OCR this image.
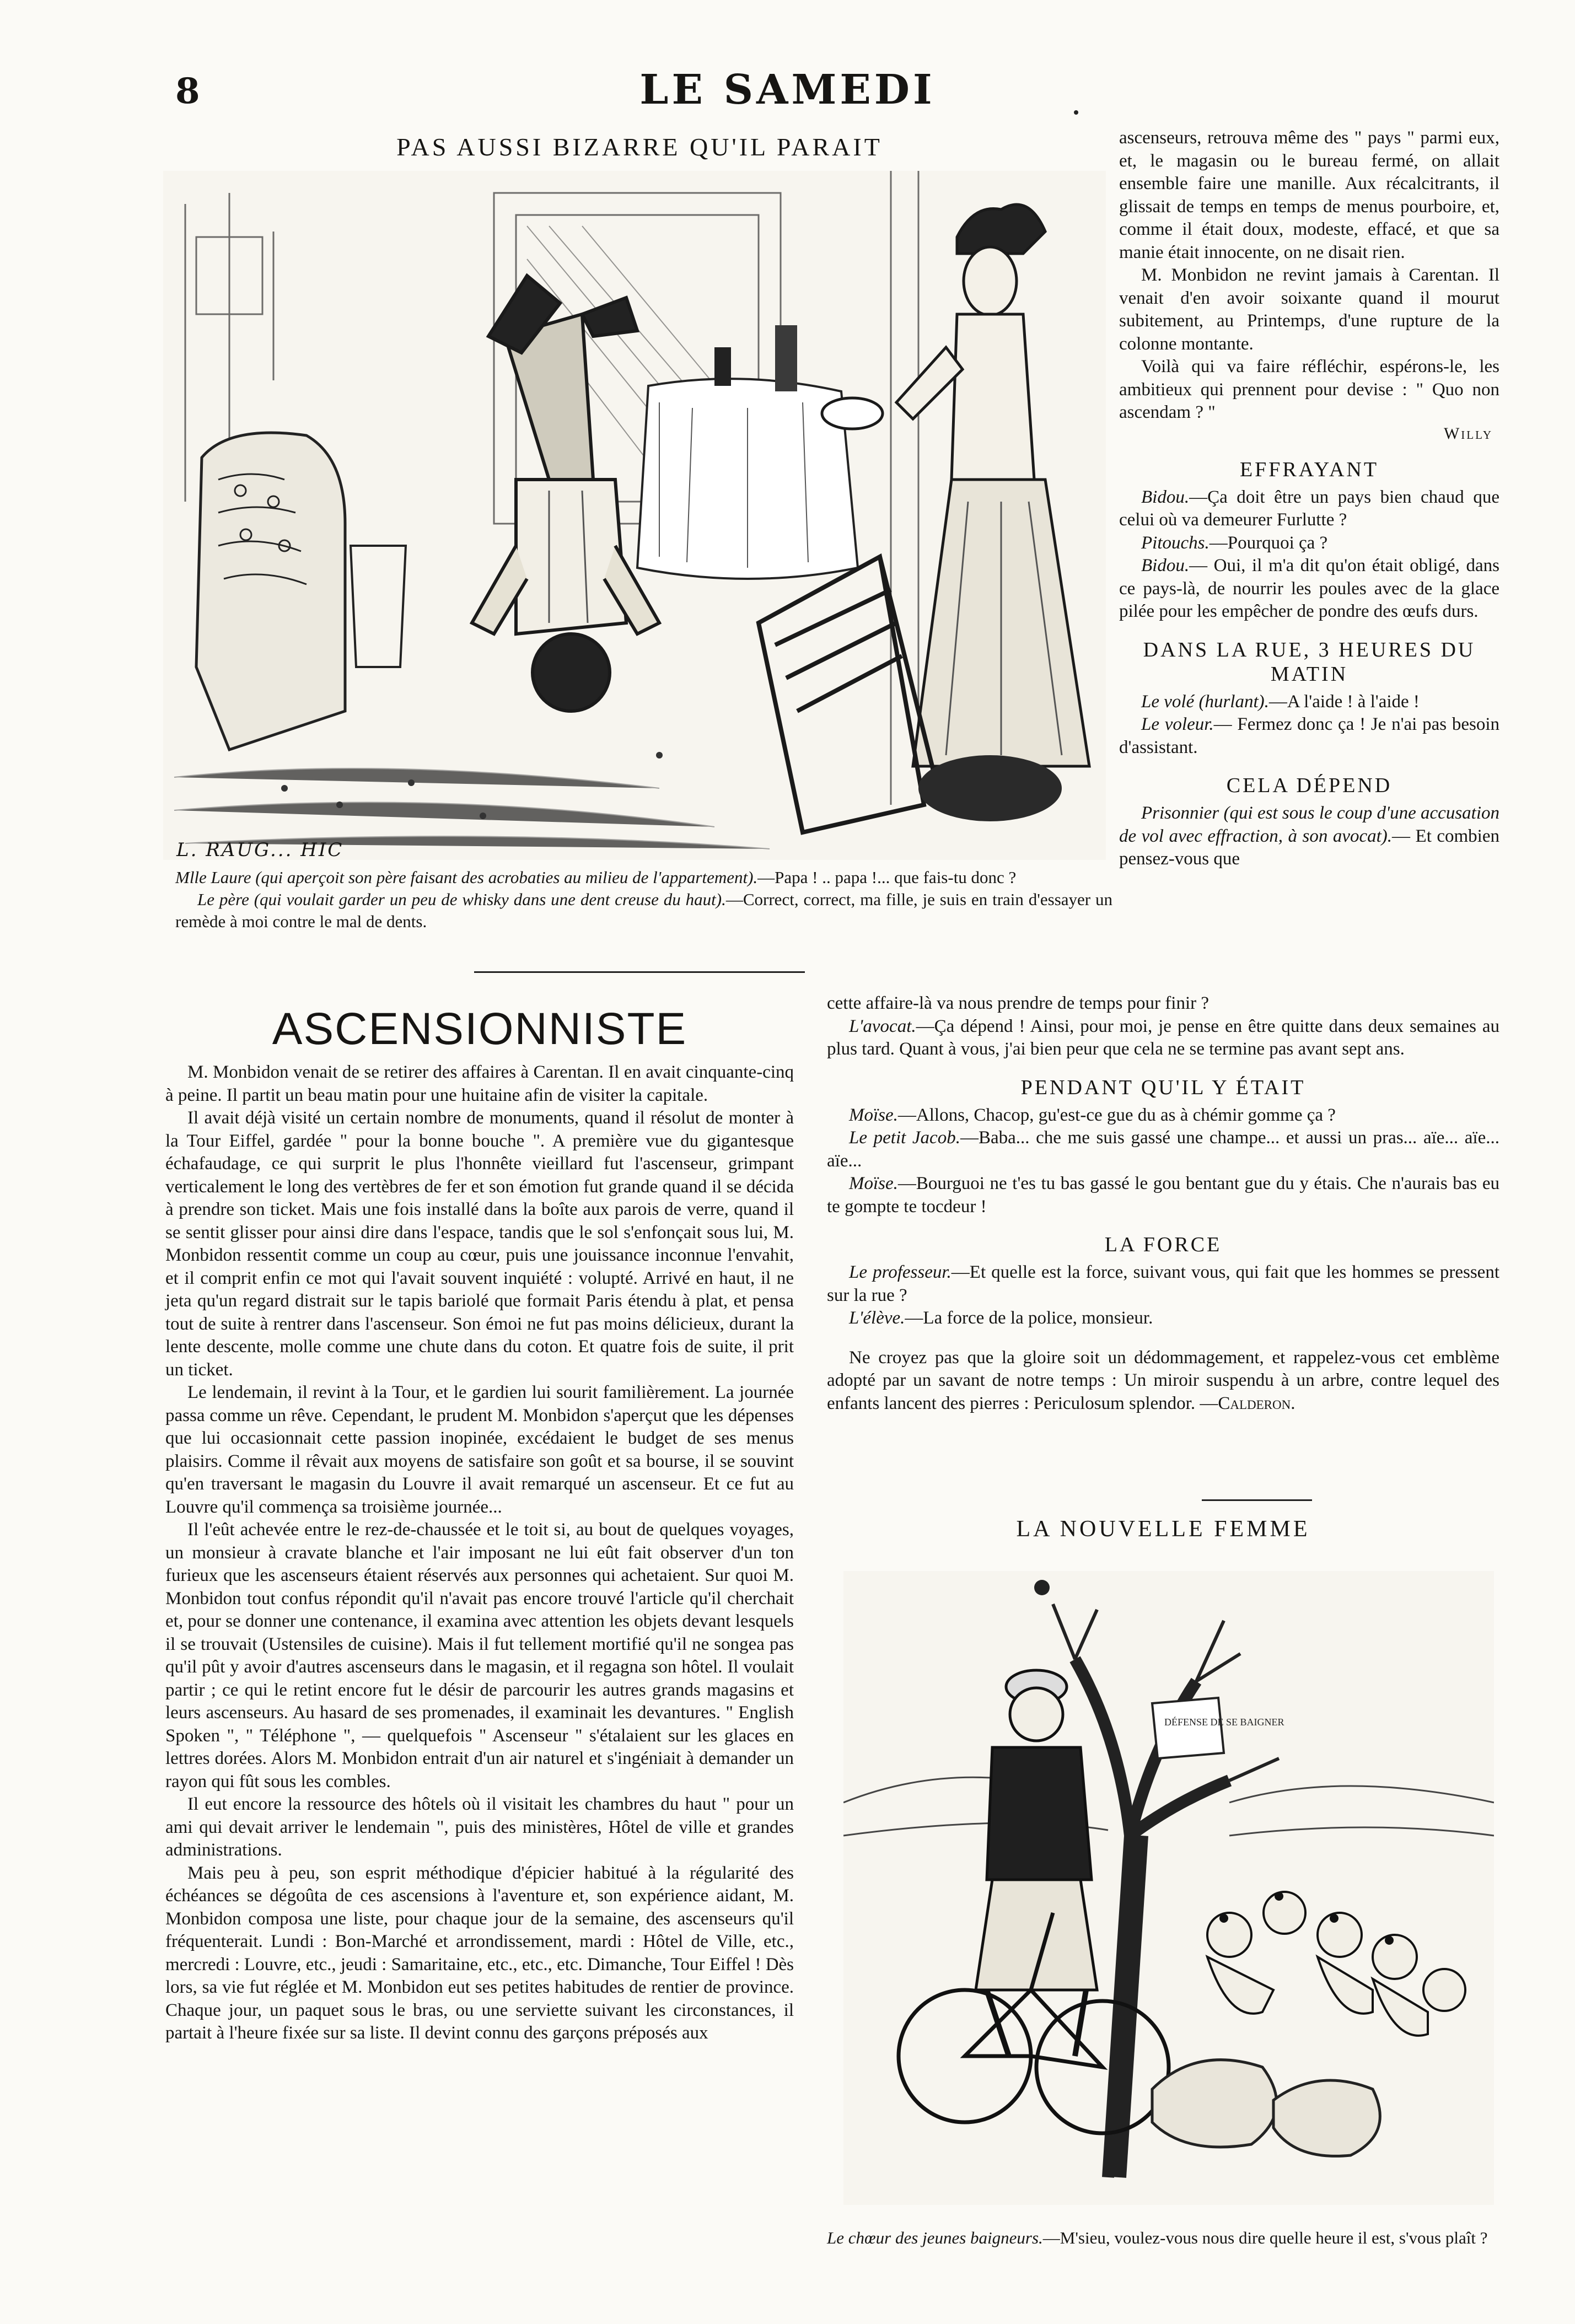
8	LE SAMEDI
PAS AUSSI BIZARRE QU'IL PARAIT
L. RAUG... HIC
Mlle Laure (qui aperçoit son père faisant des acrobaties au milieu de l'appartement).—Papa ! .. papa !... que fais-tu donc ?
Le père (qui voulait garder un peu de whisky dans une dent creuse du haut).—Correct, correct, ma fille, je suis en train d'essayer un remède à moi contre le mal de dents.
ASCENSIONNISTE

M. Monbidon venait de se retirer des affaires à Carentan. Il en avait cinquante-cinq à peine. Il partit un beau matin pour une huitaine afin de visiter la capitale.

Il avait déjà visité un certain nombre de monuments, quand il résolut de monter à la Tour Eiffel, gardée " pour la bonne bouche ". A première vue du gigantesque échafaudage, ce qui surprit le plus l'honnête vieillard fut l'ascenseur, grimpant verticalement le long des vertèbres de fer et son émotion fut grande quand il se décida à prendre son ticket. Mais une fois installé dans la boîte aux parois de verre, quand il se sentit glisser pour ainsi dire dans l'espace, tandis que le sol s'enfonçait sous lui, M. Monbidon ressentit comme un coup au cœur, puis une jouissance inconnue l'envahit, et il comprit enfin ce mot qui l'avait souvent inquiété : volupté. Arrivé en haut, il ne jeta qu'un regard distrait sur le tapis bariolé que formait Paris étendu à plat, et pensa tout de suite à rentrer dans l'ascenseur. Son émoi ne fut pas moins délicieux, durant la lente descente, molle comme une chute dans du coton. Et quatre fois de suite, il prit un ticket.

Le lendemain, il revint à la Tour, et le gardien lui sourit familièrement. La journée passa comme un rêve. Cependant, le prudent M. Monbidon s'aperçut que les dépenses que lui occasionnait cette passion inopinée, excédaient le budget de ses menus plaisirs. Comme il rêvait aux moyens de satisfaire son goût et sa bourse, il se souvint qu'en traversant le magasin du Louvre il avait remarqué un ascenseur. Et ce fut au Louvre qu'il commença sa troisième journée...

Il l'eût achevée entre le rez-de-chaussée et le toit si, au bout de quelques voyages, un monsieur à cravate blanche et l'air imposant ne lui eût fait observer d'un ton furieux que les ascenseurs étaient réservés aux personnes qui achetaient. Sur quoi M. Monbidon tout confus répondit qu'il n'avait pas encore trouvé l'article qu'il cherchait et, pour se donner une contenance, il examina avec attention les objets devant lesquels il se trouvait (Ustensiles de cuisine). Mais il fut tellement mortifié qu'il ne songea pas qu'il pût y avoir d'autres ascenseurs dans le magasin, et il regagna son hôtel. Il voulait partir ; ce qui le retint encore fut le désir de parcourir les autres grands magasins et leurs ascenseurs. Au hasard de ses promenades, il examinait les devantures. " English Spoken ", " Téléphone ", — quelquefois " Ascenseur " s'étalaient sur les glaces en lettres dorées. Alors M. Monbidon entrait d'un air naturel et s'ingéniait à demander un rayon qui fût sous les combles.

Il eut encore la ressource des hôtels où il visitait les chambres du haut " pour un ami qui devait arriver le lendemain ", puis des ministères, Hôtel de ville et grandes administrations.

Mais peu à peu, son esprit méthodique d'épicier habitué à la régularité des échéances se dégoûta de ces ascensions à l'aventure et, son expérience aidant, M. Monbidon composa une liste, pour chaque jour de la semaine, des ascenseurs qu'il fréquenterait. Lundi : Bon-Marché et arrondissement, mardi : Hôtel de Ville, etc., mercredi : Louvre, etc., jeudi : Samaritaine, etc., etc., etc. Dimanche, Tour Eiffel ! Dès lors, sa vie fut réglée et M. Monbidon eut ses petites habitudes de rentier de province. Chaque jour, un paquet sous le bras, ou une serviette suivant les circonstances, il partait à l'heure fixée sur sa liste. Il devint connu des garçons préposés aux

ascenseurs, retrouva même des " pays " parmi eux, et, le magasin ou le bureau fermé, on allait ensemble faire une manille. Aux récalcitrants, il glissait de temps en temps de menus pourboire, et, comme il était doux, modeste, effacé, et que sa manie était innocente, on ne disait rien.

M. Monbidon ne revint jamais à Carentan. Il venait d'en avoir soixante quand il mourut subitement, au Printemps, d'une rupture de la colonne montante.

Voilà qui va faire réfléchir, espérons-le, les ambitieux qui prennent pour devise : " Quo non ascendam ? "

Willy
EFFRAYANT

Bidou.—Ça doit être un pays bien chaud que celui où va demeurer Furlutte ?

Pitouchs.—Pourquoi ça ?

Bidou.— Oui, il m'a dit qu'on était obligé, dans ce pays-là, de nourrir les poules avec de la glace pilée pour les empêcher de pondre des œufs durs.

DANS LA RUE, 3 HEURES DU MATIN

Le volé (hurlant).—A l'aide ! à l'aide !

Le voleur.— Fermez donc ça ! Je n'ai pas besoin d'assistant.

CELA DÉPEND

Prisonnier (qui est sous le coup d'une accusation de vol avec effraction, à son avocat).— Et combien pensez-vous que

cette affaire-là va nous prendre de temps pour finir ?

L'avocat.—Ça dépend ! Ainsi, pour moi, je pense en être quitte dans deux semaines au plus tard. Quant à vous, j'ai bien peur que cela ne se termine pas avant sept ans.

PENDANT QU'IL Y ÉTAIT

Moïse.—Allons, Chacop, gu'est-ce gue du as à chémir gomme ça ?

Le petit Jacob.—Baba... che me suis gassé une champe... et aussi un pras... aïe... aïe... aïe...

Moïse.—Bourguoi ne t'es tu bas gassé le gou bentant gue du y étais. Che n'aurais bas eu te gompte te tocdeur !

LA FORCE

Le professeur.—Et quelle est la force, suivant vous, qui fait que les hommes se pressent sur la rue ?

L'élève.—La force de la police, monsieur.

Ne croyez pas que la gloire soit un dédommagement, et rappelez-vous cet emblème adopté par un savant de notre temps : Un miroir suspendu à un arbre, contre lequel des enfants lancent des pierres : Periculosum splendor. —Calderon.

LA NOUVELLE FEMME
DÉFENSE DE SE BAIGNER
Le chœur des jeunes baigneurs.—M'sieu, voulez-vous nous dire quelle heure il est, s'vous plaît ?
